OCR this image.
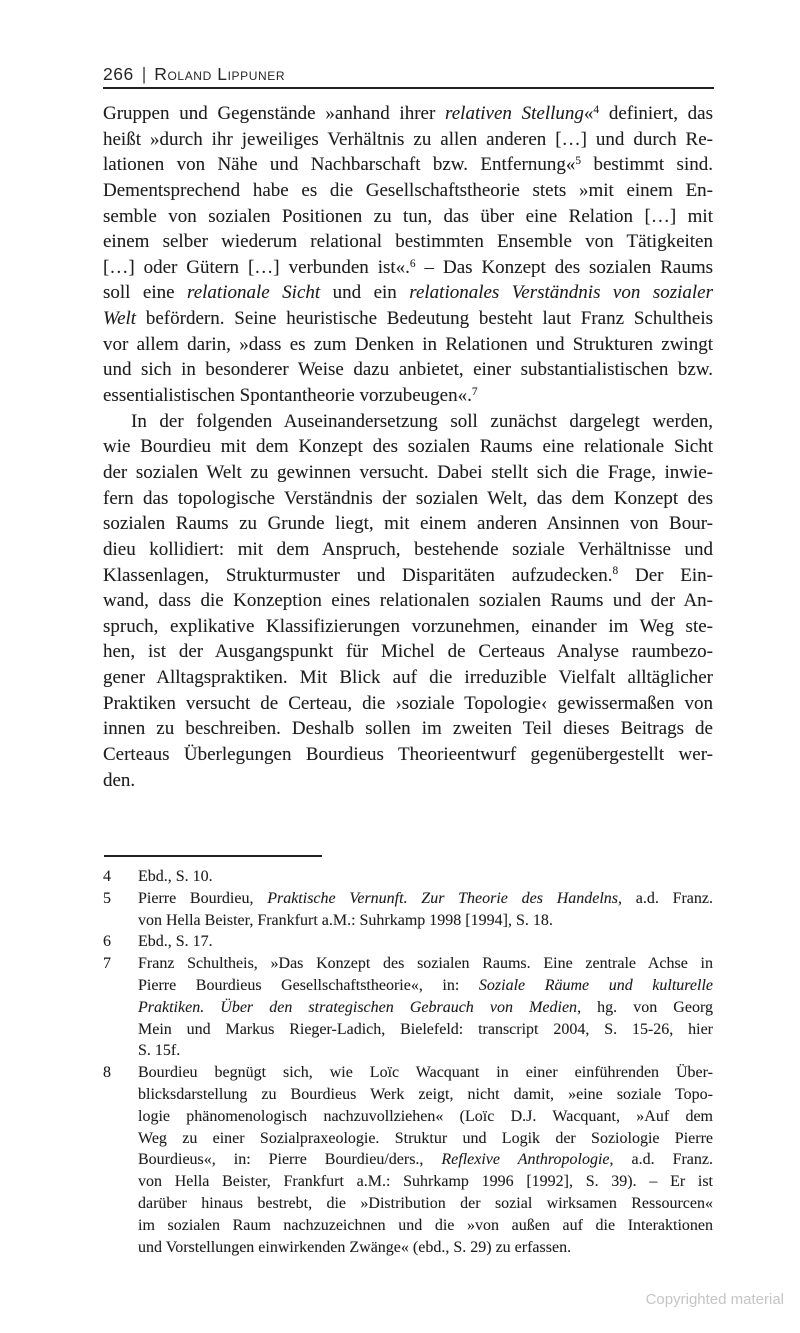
266 | Roland Lippuner
Gruppen und Gegenstände »anhand ihrer relativen Stellung«$^4$ definiert, das
heißt »durch ihr jeweiliges Verhältnis zu allen anderen […] und durch Re-
lationen von Nähe und Nachbarschaft bzw. Entfernung«$^5$ bestimmt sind.
Dementsprechend habe es die Gesellschaftstheorie stets »mit einem En-
semble von sozialen Positionen zu tun, das über eine Relation […] mit
einem selber wiederum relational bestimmten Ensemble von Tätigkeiten
[…] oder Gütern […] verbunden ist«.$^6$ – Das Konzept des sozialen Raums
soll eine relationale Sicht und ein relationales Verständnis von sozialer
Welt befördern. Seine heuristische Bedeutung besteht laut Franz Schultheis
vor allem darin, »dass es zum Denken in Relationen und Strukturen zwingt
und sich in besonderer Weise dazu anbietet, einer substantialistischen bzw.
essentialistischen Spontantheorie vorzubeugen«.$^7$
In der folgenden Auseinandersetzung soll zunächst dargelegt werden,
wie Bourdieu mit dem Konzept des sozialen Raums eine relationale Sicht
der sozialen Welt zu gewinnen versucht. Dabei stellt sich die Frage, inwie-
fern das topologische Verständnis der sozialen Welt, das dem Konzept des
sozialen Raums zu Grunde liegt, mit einem anderen Ansinnen von Bour-
dieu kollidiert: mit dem Anspruch, bestehende soziale Verhältnisse und
Klassenlagen, Strukturmuster und Disparitäten aufzudecken.$^8$ Der Ein-
wand, dass die Konzeption eines relationalen sozialen Raums und der An-
spruch, explikative Klassifizierungen vorzunehmen, einander im Weg ste-
hen, ist der Ausgangspunkt für Michel de Certeaus Analyse raumbezo-
gener Alltagspraktiken. Mit Blick auf die irreduzible Vielfalt alltäglicher
Praktiken versucht de Certeau, die ›soziale Topologie‹ gewissermaßen von
innen zu beschreiben. Deshalb sollen im zweiten Teil dieses Beitrags de
Certeaus Überlegungen Bourdieus Theorieentwurf gegenübergestellt wer-
den.
4 Ebd., S. 10.
5 Pierre Bourdieu, Praktische Vernunft. Zur Theorie des Handelns, a.d. Franz.
von Hella Beister, Frankfurt a.M.: Suhrkamp 1998 [1994], S. 18.
6 Ebd., S. 17.
7 Franz Schultheis, »Das Konzept des sozialen Raums. Eine zentrale Achse in
Pierre Bourdieus Gesellschaftstheorie«, in: Soziale Räume und kulturelle
Praktiken. Über den strategischen Gebrauch von Medien, hg. von Georg
Mein und Markus Rieger-Ladich, Bielefeld: transcript 2004, S. 15-26, hier
S. 15f.
8 Bourdieu begnügt sich, wie Loïc Wacquant in einer einführenden Über-
blicksdarstellung zu Bourdieus Werk zeigt, nicht damit, »eine soziale Topo-
logie phänomenologisch nachzuvollziehen« (Loïc D.J. Wacquant, »Auf dem
Weg zu einer Sozialpraxeologie. Struktur und Logik der Soziologie Pierre
Bourdieus«, in: Pierre Bourdieu/ders., Reflexive Anthropologie, a.d. Franz.
von Hella Beister, Frankfurt a.M.: Suhrkamp 1996 [1992], S. 39). – Er ist
darüber hinaus bestrebt, die »Distribution der sozial wirksamen Ressourcen«
im sozialen Raum nachzuzeichnen und die »von außen auf die Interaktionen
und Vorstellungen einwirkenden Zwänge« (ebd., S. 29) zu erfassen.
Copyrighted material
